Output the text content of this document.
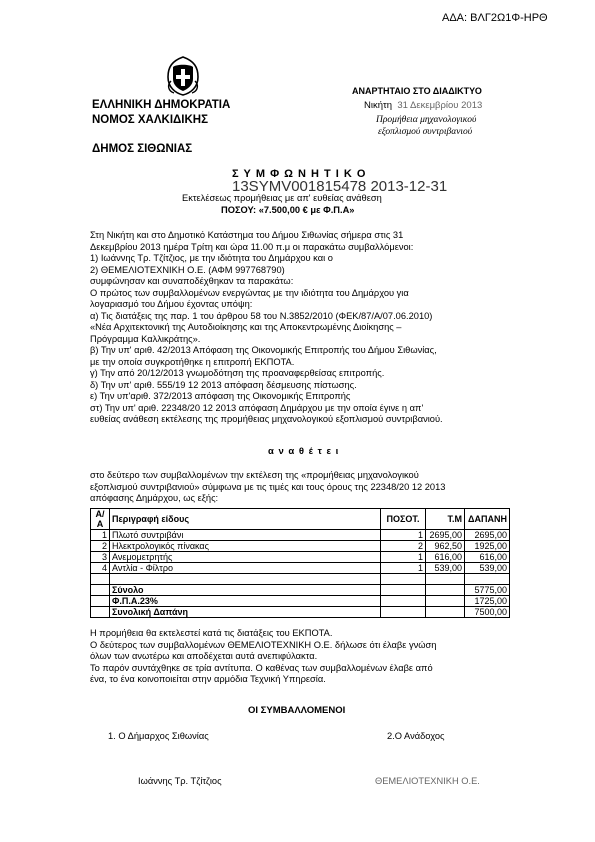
ΑΔΑ: ΒΛΓ2Ω1Φ-ΗΡΘ
ΑΝΑΡΤΗΤΑΙΟ ΣΤΟ ΔΙΑΔΙΚΤΥΟ
Νικήτη 31 Δεκεμβρίου 2013
Προμήθεια μηχανολογικού
εξοπλισμού συντριβανιού
ΕΛΛΗΝΙΚΗ ΔΗΜΟΚΡΑΤΙΑ
ΝΟΜΟΣ ΧΑΛΚΙΔΙΚΗΣ
ΔΗΜΟΣ ΣΙΘΩΝΙΑΣ
Σ Υ Μ Φ Ω Ν Η Τ Ι Κ Ο
13SYMV001815478 2013-12-31
Εκτελέσεως προμήθειας με απ' ευθείας ανάθεση
ΠΟΣΟΥ: «7.500,00 € με Φ.Π.Α»
Στη Νικήτη και στο Δημοτικό Κατάστημα του Δήμου Σιθωνίας σήμερα στις 31
Δεκεμβρίου 2013 ημέρα Τρίτη και ώρα 11.00 π.μ οι παρακάτω συμβαλλόμενοι:
1) Ιωάννης Τρ. Τζίτζιος, με την ιδιότητα του Δημάρχου και ο
2) ΘΕΜΕΛΙΟΤΕΧΝΙΚΗ Ο.Ε. (ΑΦΜ 997768790)
συμφώνησαν και συναποδέχθηκαν τα παρακάτω:
Ο πρώτος των συμβαλλομένων ενεργώντας με την ιδιότητα του Δημάρχου για
λογαριασμό του Δήμου έχοντας υπόψη:
α) Τις διατάξεις της παρ. 1 του άρθρου 58 του Ν.3852/2010 (ΦΕΚ/87/Α/07.06.2010)
«Νέα Αρχιτεκτονική της Αυτοδιοίκησης και της Αποκεντρωμένης Διοίκησης –
Πρόγραμμα Καλλικράτης».
β) Την υπ' αριθ. 42/2013 Απόφαση της Οικονομικής Επιτροπής του Δήμου Σιθωνίας,
με την οποία συγκροτήθηκε η επιτροπή ΕΚΠΟΤΑ.
γ) Την από 20/12/2013 γνωμοδότηση της προαναφερθείσας επιτροπής.
δ) Την υπ' αριθ. 555/19 12 2013 απόφαση δέσμευσης πίστωσης.
ε) Την υπ'αριθ. 372/2013 απόφαση της Οικονομικής Επιτροπής
στ) Την υπ' αριθ. 22348/20 12 2013 απόφαση Δημάρχου με την οποία έγινε η απ'
ευθείας ανάθεση εκτέλεσης της προμήθειας μηχανολογικού εξοπλισμού συντριβανιού.
α ν α θ έ τ ε ι
στο δεύτερο των συμβαλλομένων την εκτέλεση της «προμήθειας μηχανολογικού
εξοπλισμού συντριβανιού» σύμφωνα με τις τιμές και τους όρους της 22348/20 12 2013
απόφασης Δημάρχου, ως εξής:
Α/Α	Περιγραφή είδους	ΠΟΣΟΤ.	Τ.Μ	ΔΑΠΑΝΗ
1	Πλωτό συντριβάνι	1	2695,00	2695,00
2	Ηλεκτρολογικός πίνακας	2	962,50	1925,00
3	Ανεμομετρητής	1	616,00	616,00
4	Αντλία - Φίλτρο	1	539,00	539,00

	Σύνολο			5775,00
	Φ.Π.Α.23%			1725,00
	Συνολική Δαπάνη			7500,00
Η προμήθεια θα εκτελεστεί κατά τις διατάξεις του ΕΚΠΟΤΑ.
Ο δεύτερος των συμβαλλομένων ΘΕΜΕΛΙΟΤΕΧΝΙΚΗ Ο.Ε. δήλωσε ότι έλαβε γνώση
όλων των ανωτέρω και αποδέχεται αυτά ανεπιφύλακτα.
Το παρόν συντάχθηκε σε τρία αντίτυπα. Ο καθένας των συμβαλλομένων έλαβε από
ένα, το ένα κοινοποιείται στην αρμόδια Τεχνική Υπηρεσία.
ΟΙ ΣΥΜΒΑΛΛΟΜΕΝΟΙ
1. Ο Δήμαρχος Σιθωνίας	2.Ο Ανάδοχος
Ιωάννης Τρ. Τζίτζιος	ΘΕΜΕΛΙΟΤΕΧΝΙΚΗ Ο.Ε.
